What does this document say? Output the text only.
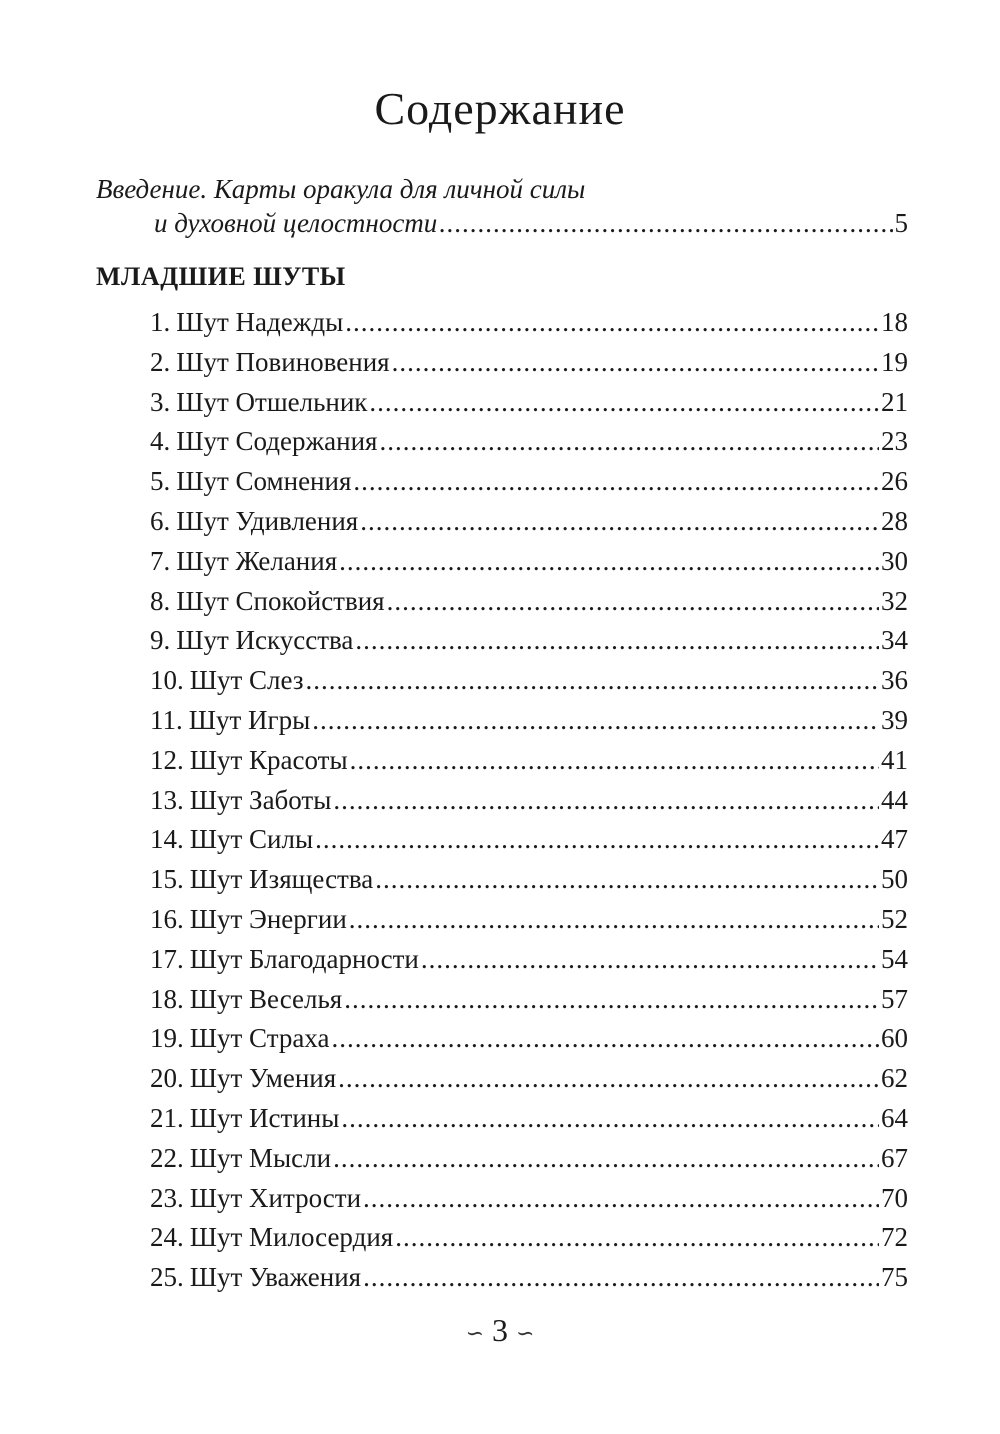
Содержание
Введение. Карты оракула для личной силы
и духовной целостности .....	5
МЛАДШИЕ ШУТЫ
1. Шут Надежды .....	18
2. Шут Повиновения .....	19
3. Шут Отшельник .....	21
4. Шут Содержания .....	23
5. Шут Сомнения .....	26
6. Шут Удивления .....	28
7. Шут Желания .....	30
8. Шут Спокойствия .....	32
9. Шут Искусства .....	34
10. Шут Слез .....	36
11. Шут Игры .....	39
12. Шут Красоты .....	41
13. Шут Заботы .....	44
14. Шут Силы .....	47
15. Шут Изящества .....	50
16. Шут Энергии .....	52
17. Шут Благодарности .....	54
18. Шут Веселья .....	57
19. Шут Страха .....	60
20. Шут Умения .....	62
21. Шут Истины .....	64
22. Шут Мысли .....	67
23. Шут Хитрости .....	70
24. Шут Милосердия .....	72
25. Шут Уважения .....	75
∽ 3 ∽
